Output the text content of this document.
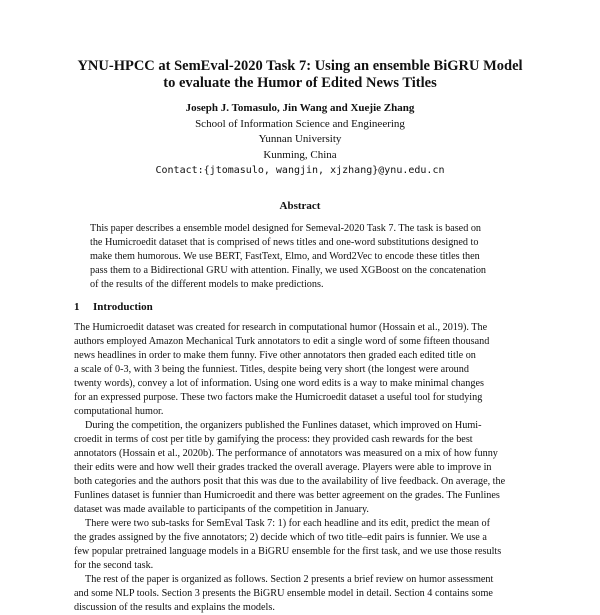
YNU-HPCC at SemEval-2020 Task 7: Using an ensemble BiGRU Model
to evaluate the Humor of Edited News Titles
Joseph J. Tomasulo, Jin Wang and Xuejie Zhang
School of Information Science and Engineering
Yunnan University
Kunming, China
Contact:{jtomasulo, wangjin, xjzhang}@ynu.edu.cn
Abstract
This paper describes a ensemble model designed for Semeval-2020 Task 7. The task is based on
the Humicroedit dataset that is comprised of news titles and one-word substitutions designed to
make them humorous. We use BERT, FastText, Elmo, and Word2Vec to encode these titles then
pass them to a Bidirectional GRU with attention. Finally, we used XGBoost on the concatenation
of the results of the different models to make predictions.
1 Introduction
The Humicroedit dataset was created for research in computational humor (Hossain et al., 2019). The
authors employed Amazon Mechanical Turk annotators to edit a single word of some fifteen thousand
news headlines in order to make them funny. Five other annotators then graded each edited title on
a scale of 0-3, with 3 being the funniest. Titles, despite being very short (the longest were around
twenty words), convey a lot of information. Using one word edits is a way to make minimal changes
for an expressed purpose. These two factors make the Humicroedit dataset a useful tool for studying
computational humor.
During the competition, the organizers published the Funlines dataset, which improved on Humi-
croedit in terms of cost per title by gamifying the process: they provided cash rewards for the best
annotators (Hossain et al., 2020b). The performance of annotators was measured on a mix of how funny
their edits were and how well their grades tracked the overall average. Players were able to improve in
both categories and the authors posit that this was due to the availability of live feedback. On average, the
Funlines dataset is funnier than Humicroedit and there was better agreement on the grades. The Funlines
dataset was made available to participants of the competition in January.
There were two sub-tasks for SemEval Task 7: 1) for each headline and its edit, predict the mean of
the grades assigned by the five annotators; 2) decide which of two title–edit pairs is funnier. We use a
few popular pretrained language models in a BiGRU ensemble for the first task, and we use those results
for the second task.
The rest of the paper is organized as follows. Section 2 presents a brief review on humor assessment
and some NLP tools. Section 3 presents the BiGRU ensemble model in detail. Section 4 contains some
discussion of the results and explains the models.
